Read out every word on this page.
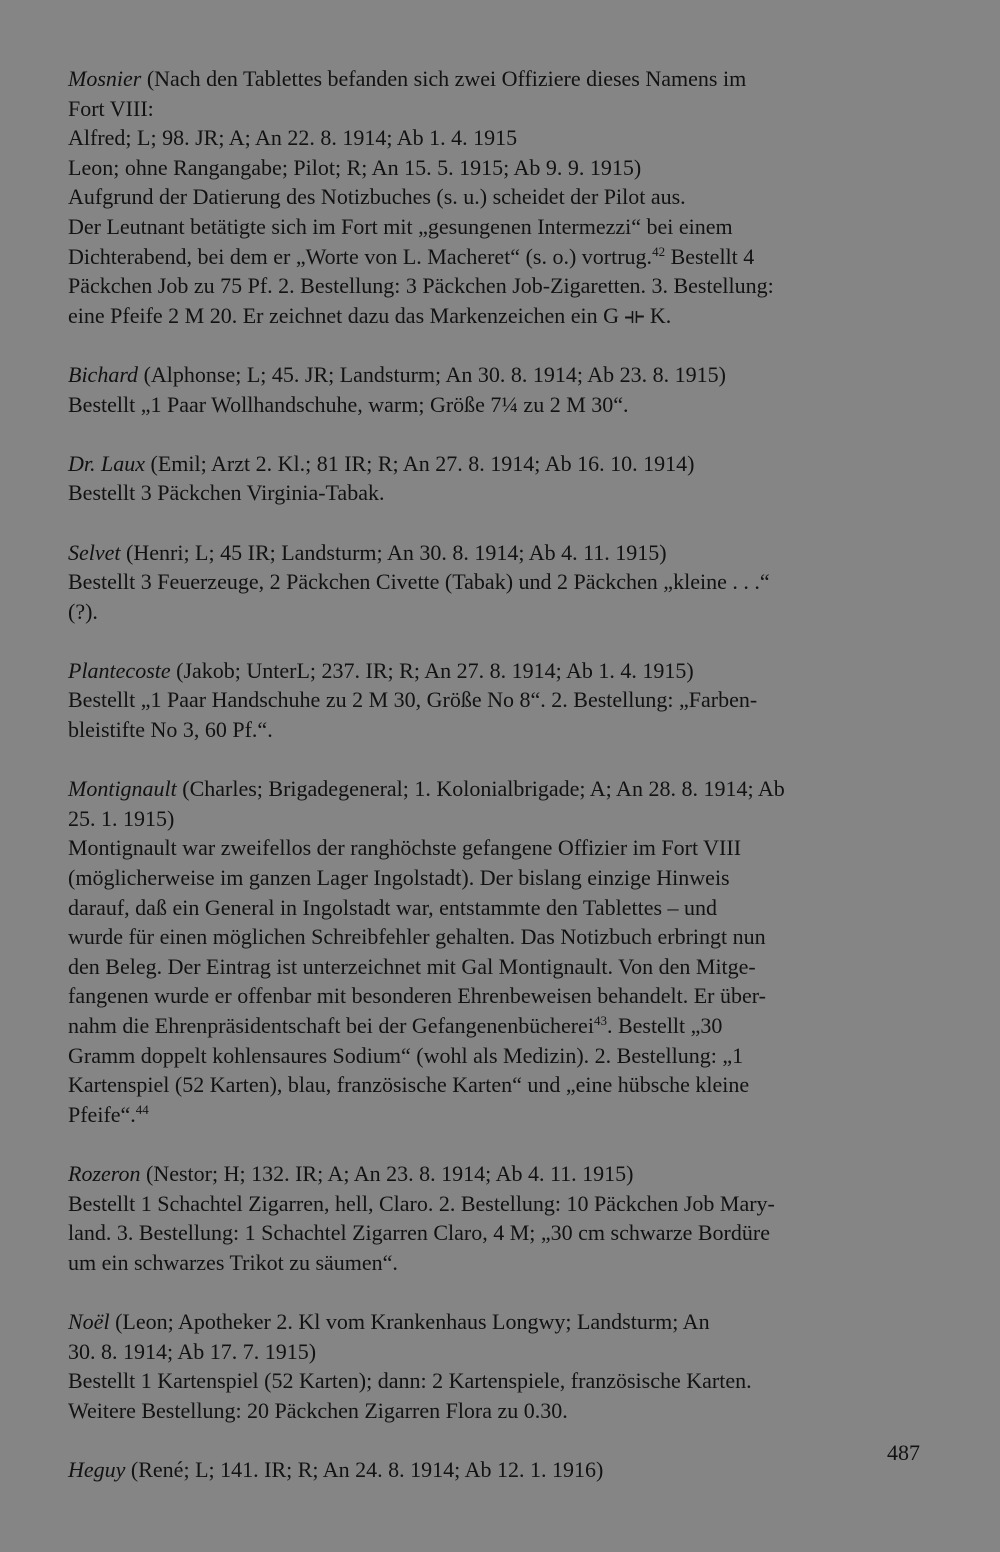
Mosnier (Nach den Tablettes befanden sich zwei Offiziere dieses Namens im
Fort VIII:
Alfred; L; 98. JR; A; An 22. 8. 1914; Ab 1. 4. 1915
Leon; ohne Rangangabe; Pilot; R; An 15. 5. 1915; Ab 9. 9. 1915)
Aufgrund der Datierung des Notizbuches (s. u.) scheidet der Pilot aus.
Der Leutnant betätigte sich im Fort mit „gesungenen Intermezzi“ bei einem
Dichterabend, bei dem er „Worte von L. Macheret“ (s. o.) vortrug.$^{42}$ Bestellt 4
Päckchen Job zu 75 Pf. 2. Bestellung: 3 Päckchen Job-Zigaretten. 3. Bestellung:
eine Pfeife 2 M 20. Er zeichnet dazu das Markenzeichen ein G ⟛ K.
Bichard (Alphonse; L; 45. JR; Landsturm; An 30. 8. 1914; Ab 23. 8. 1915)
Bestellt „1 Paar Wollhandschuhe, warm; Größe 7¼ zu 2 M 30“.
Dr. Laux (Emil; Arzt 2. Kl.; 81 IR; R; An 27. 8. 1914; Ab 16. 10. 1914)
Bestellt 3 Päckchen Virginia-Tabak.
Selvet (Henri; L; 45 IR; Landsturm; An 30. 8. 1914; Ab 4. 11. 1915)
Bestellt 3 Feuerzeuge, 2 Päckchen Civette (Tabak) und 2 Päckchen „kleine . . .“
(?).
Plantecoste (Jakob; UnterL; 237. IR; R; An 27. 8. 1914; Ab 1. 4. 1915)
Bestellt „1 Paar Handschuhe zu 2 M 30, Größe No 8“. 2. Bestellung: „Farben-
bleistifte No 3, 60 Pf.“.
Montignault (Charles; Brigadegeneral; 1. Kolonialbrigade; A; An 28. 8. 1914; Ab
25. 1. 1915)
Montignault war zweifellos der ranghöchste gefangene Offizier im Fort VIII
(möglicherweise im ganzen Lager Ingolstadt). Der bislang einzige Hinweis
darauf, daß ein General in Ingolstadt war, entstammte den Tablettes – und
wurde für einen möglichen Schreibfehler gehalten. Das Notizbuch erbringt nun
den Beleg. Der Eintrag ist unterzeichnet mit Gal Montignault. Von den Mitge-
fangenen wurde er offenbar mit besonderen Ehrenbeweisen behandelt. Er über-
nahm die Ehrenpräsidentschaft bei der Gefangenenbücherei$^{43}$. Bestellt „30
Gramm doppelt kohlensaures Sodium“ (wohl als Medizin). 2. Bestellung: „1
Kartenspiel (52 Karten), blau, französische Karten“ und „eine hübsche kleine
Pfeife“.$^{44}$
Rozeron (Nestor; H; 132. IR; A; An 23. 8. 1914; Ab 4. 11. 1915)
Bestellt 1 Schachtel Zigarren, hell, Claro. 2. Bestellung: 10 Päckchen Job Mary-
land. 3. Bestellung: 1 Schachtel Zigarren Claro, 4 M; „30 cm schwarze Bordüre
um ein schwarzes Trikot zu säumen“.
Noël (Leon; Apotheker 2. Kl vom Krankenhaus Longwy; Landsturm; An
30. 8. 1914; Ab 17. 7. 1915)
Bestellt 1 Kartenspiel (52 Karten); dann: 2 Kartenspiele, französische Karten.
Weitere Bestellung: 20 Päckchen Zigarren Flora zu 0.30.
Heguy (René; L; 141. IR; R; An 24. 8. 1914; Ab 12. 1. 1916)
487
